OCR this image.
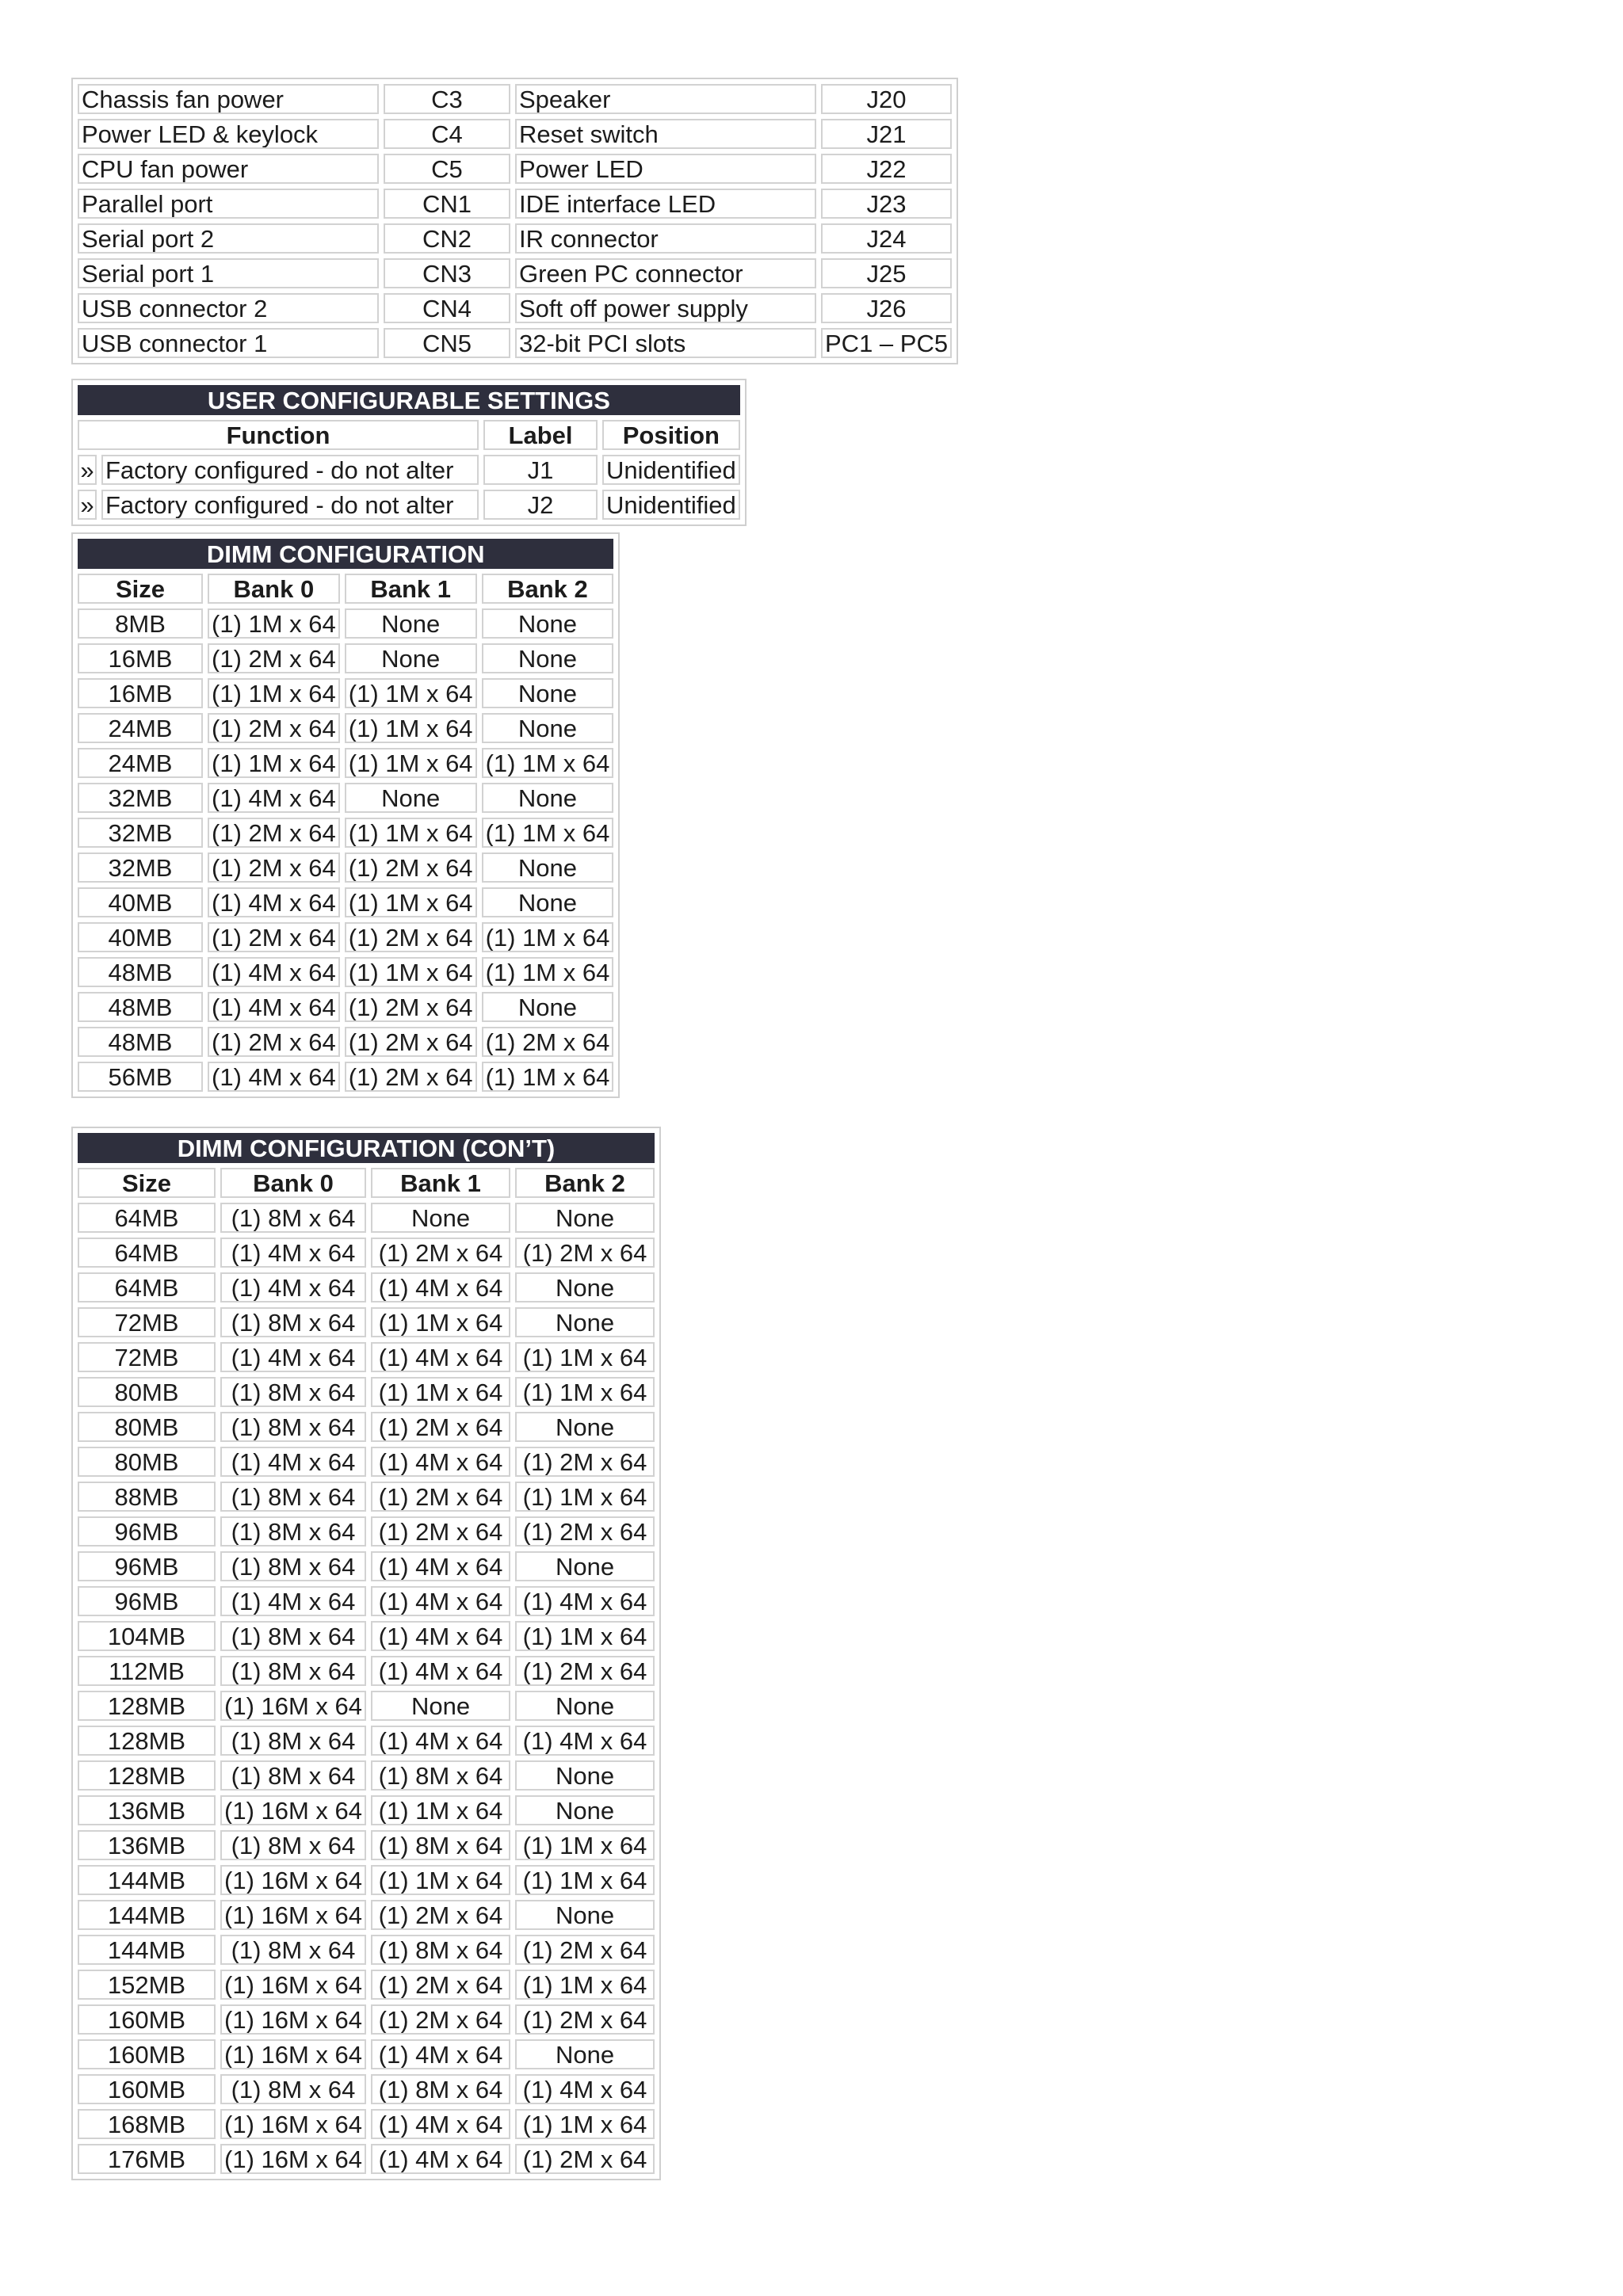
Chassis fan power	C3	Speaker	J20
Power LED & keylock	C4	Reset switch	J21
CPU fan power	C5	Power LED	J22
Parallel port	CN1	IDE interface LED	J23
Serial port 2	CN2	IR connector	J24
Serial port 1	CN3	Green PC connector	J25
USB connector 2	CN4	Soft off power supply	J26
USB connector 1	CN5	32-bit PCI slots	PC1 – PC5
USER CONFIGURABLE SETTINGS			
Function		Label	Position
»	Factory configured - do not alter	J1	Unidentified
»	Factory configured - do not alter	J2	Unidentified
DIMM CONFIGURATION			
Size	Bank 0	Bank 1	Bank 2
8MB	(1) 1M x 64	None	None
16MB	(1) 2M x 64	None	None
16MB	(1) 1M x 64	(1) 1M x 64	None
24MB	(1) 2M x 64	(1) 1M x 64	None
24MB	(1) 1M x 64	(1) 1M x 64	(1) 1M x 64
32MB	(1) 4M x 64	None	None
32MB	(1) 2M x 64	(1) 1M x 64	(1) 1M x 64
32MB	(1) 2M x 64	(1) 2M x 64	None
40MB	(1) 4M x 64	(1) 1M x 64	None
40MB	(1) 2M x 64	(1) 2M x 64	(1) 1M x 64
48MB	(1) 4M x 64	(1) 1M x 64	(1) 1M x 64
48MB	(1) 4M x 64	(1) 2M x 64	None
48MB	(1) 2M x 64	(1) 2M x 64	(1) 2M x 64
56MB	(1) 4M x 64	(1) 2M x 64	(1) 1M x 64
DIMM CONFIGURATION (CON’T)			
Size	Bank 0	Bank 1	Bank 2
64MB	(1) 8M x 64	None	None
64MB	(1) 4M x 64	(1) 2M x 64	(1) 2M x 64
64MB	(1) 4M x 64	(1) 4M x 64	None
72MB	(1) 8M x 64	(1) 1M x 64	None
72MB	(1) 4M x 64	(1) 4M x 64	(1) 1M x 64
80MB	(1) 8M x 64	(1) 1M x 64	(1) 1M x 64
80MB	(1) 8M x 64	(1) 2M x 64	None
80MB	(1) 4M x 64	(1) 4M x 64	(1) 2M x 64
88MB	(1) 8M x 64	(1) 2M x 64	(1) 1M x 64
96MB	(1) 8M x 64	(1) 2M x 64	(1) 2M x 64
96MB	(1) 8M x 64	(1) 4M x 64	None
96MB	(1) 4M x 64	(1) 4M x 64	(1) 4M x 64
104MB	(1) 8M x 64	(1) 4M x 64	(1) 1M x 64
112MB	(1) 8M x 64	(1) 4M x 64	(1) 2M x 64
128MB	(1) 16M x 64	None	None
128MB	(1) 8M x 64	(1) 4M x 64	(1) 4M x 64
128MB	(1) 8M x 64	(1) 8M x 64	None
136MB	(1) 16M x 64	(1) 1M x 64	None
136MB	(1) 8M x 64	(1) 8M x 64	(1) 1M x 64
144MB	(1) 16M x 64	(1) 1M x 64	(1) 1M x 64
144MB	(1) 16M x 64	(1) 2M x 64	None
144MB	(1) 8M x 64	(1) 8M x 64	(1) 2M x 64
152MB	(1) 16M x 64	(1) 2M x 64	(1) 1M x 64
160MB	(1) 16M x 64	(1) 2M x 64	(1) 2M x 64
160MB	(1) 16M x 64	(1) 4M x 64	None
160MB	(1) 8M x 64	(1) 8M x 64	(1) 4M x 64
168MB	(1) 16M x 64	(1) 4M x 64	(1) 1M x 64
176MB	(1) 16M x 64	(1) 4M x 64	(1) 2M x 64
